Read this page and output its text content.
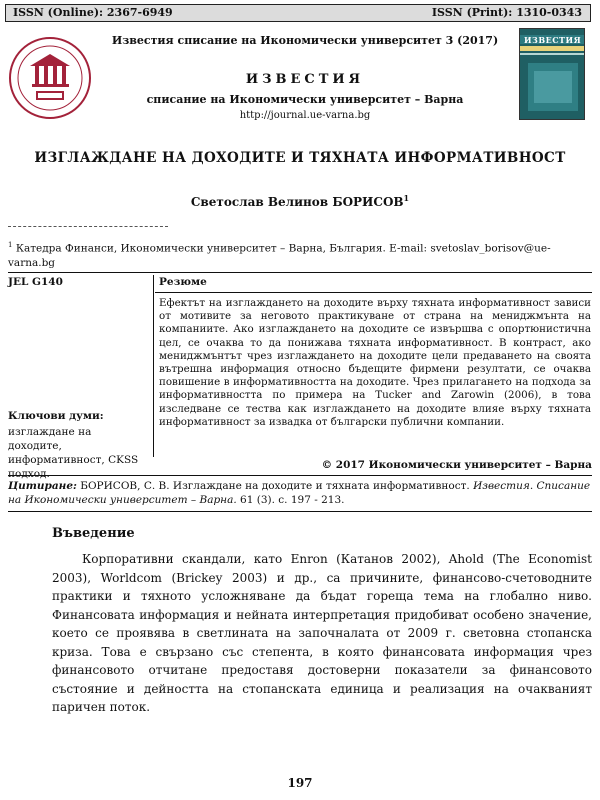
ISSN (Online): 2367-6949	ISSN (Print): 1310-0343
Известия списание на Икономически университет 3 (2017)
ИЗВЕСТИЯ
списание на Икономически университет – Варна
http://journal.ue-varna.bg
ИЗВЕСТИЯ
ИЗГЛАЖДАНЕ НА ДОХОДИТЕ И ТЯХНАТА ИНФОРМАТИВНОСТ
Светослав Велинов БОРИСОВ$^1$
$^1$ Катедра Финанси, Икономически университет – Варна, България. E-mail: svetoslav_borisov@ue-varna.bg
JEL G140	Резюме
Ефектът на изглаждането на доходите върху тяхната информативност зависи от мотивите за неговото практикуване от страна на мениджмънта на компаниите. Ако изглаждането на доходите се извършва с опортюнистична цел, се очаква то да понижава тяхната информативност. В контраст, ако мениджмънтът чрез изглаждането на доходите цели предаването на своята вътрешна информация относно бъдещите фирмени резултати, се очаква повишение в информативността на доходите. Чрез прилагането на подхода за информативността по примера на Tucker and Zarowin (2006), в това изследване се тества как изглаждането на доходите влияе върху тяхната информативност за извадка от български публични компании.
Ключови думи:
изглаждане на доходите, информативност, CKSS подход.
© 2017 Икономически университет – Варна
Цитиране: БОРИСОВ, С. В. Изглаждане на доходите и тяхната информативност. Известия. Списание на Икономически университет – Варна. 61 (3). с. 197 - 213.
Въведение
Корпоративни скандали, като Enron (Катанов 2002), Ahold (The Economist 2003), Worldcom (Brickey 2003) и др., са причините, финансово-счетоводните практики и тяхното усложняване да бъдат гореща тема на глобално ниво. Финансовата информация и нейната интерпретация придобиват особено значение, което се проявява в светлината на започналата от 2009 г. световна стопанска криза. Това е свързано със степента, в която финансовата информация чрез финансовото отчитане предоставя достоверни показатели за финансовото състояние и дейността на стопанската единица и реализация на очакваният паричен поток.
197
